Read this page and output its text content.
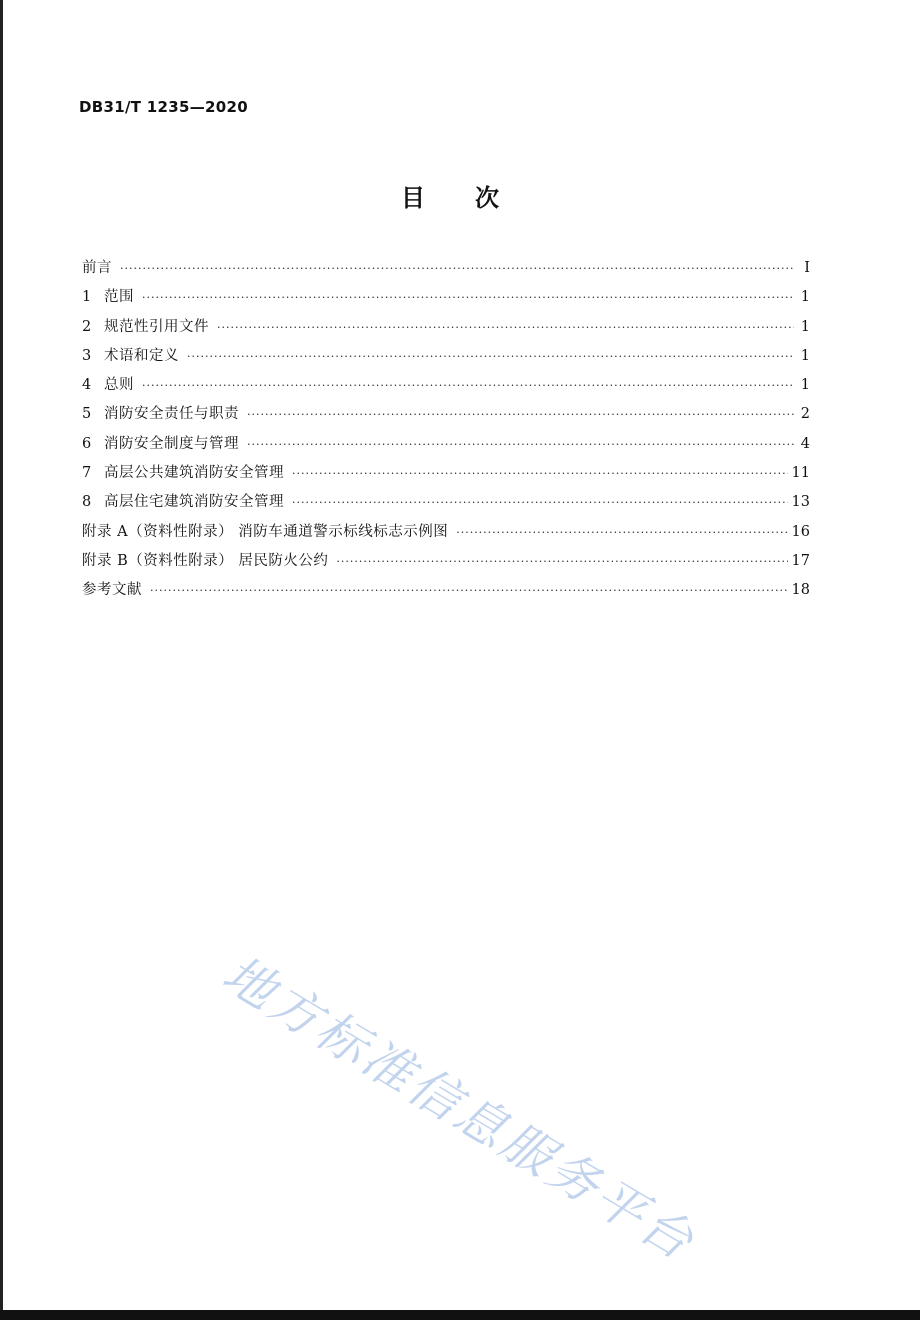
DB31/T 1235—2020
目次
前言 ·····	I
1 范围 ·····	1
2 规范性引用文件 ·····	1
3 术语和定义 ·····	1
4 总则 ·····	1
5 消防安全责任与职责 ·····	2
6 消防安全制度与管理 ·····	4
7 高层公共建筑消防安全管理 ·····	11
8 高层住宅建筑消防安全管理 ·····	13
附录 A（资料性附录） 消防车通道警示标线标志示例图 ·····	16
附录 B（资料性附录） 居民防火公约 ·····	17
参考文献 ·····	18
地方标准信息服务平台
